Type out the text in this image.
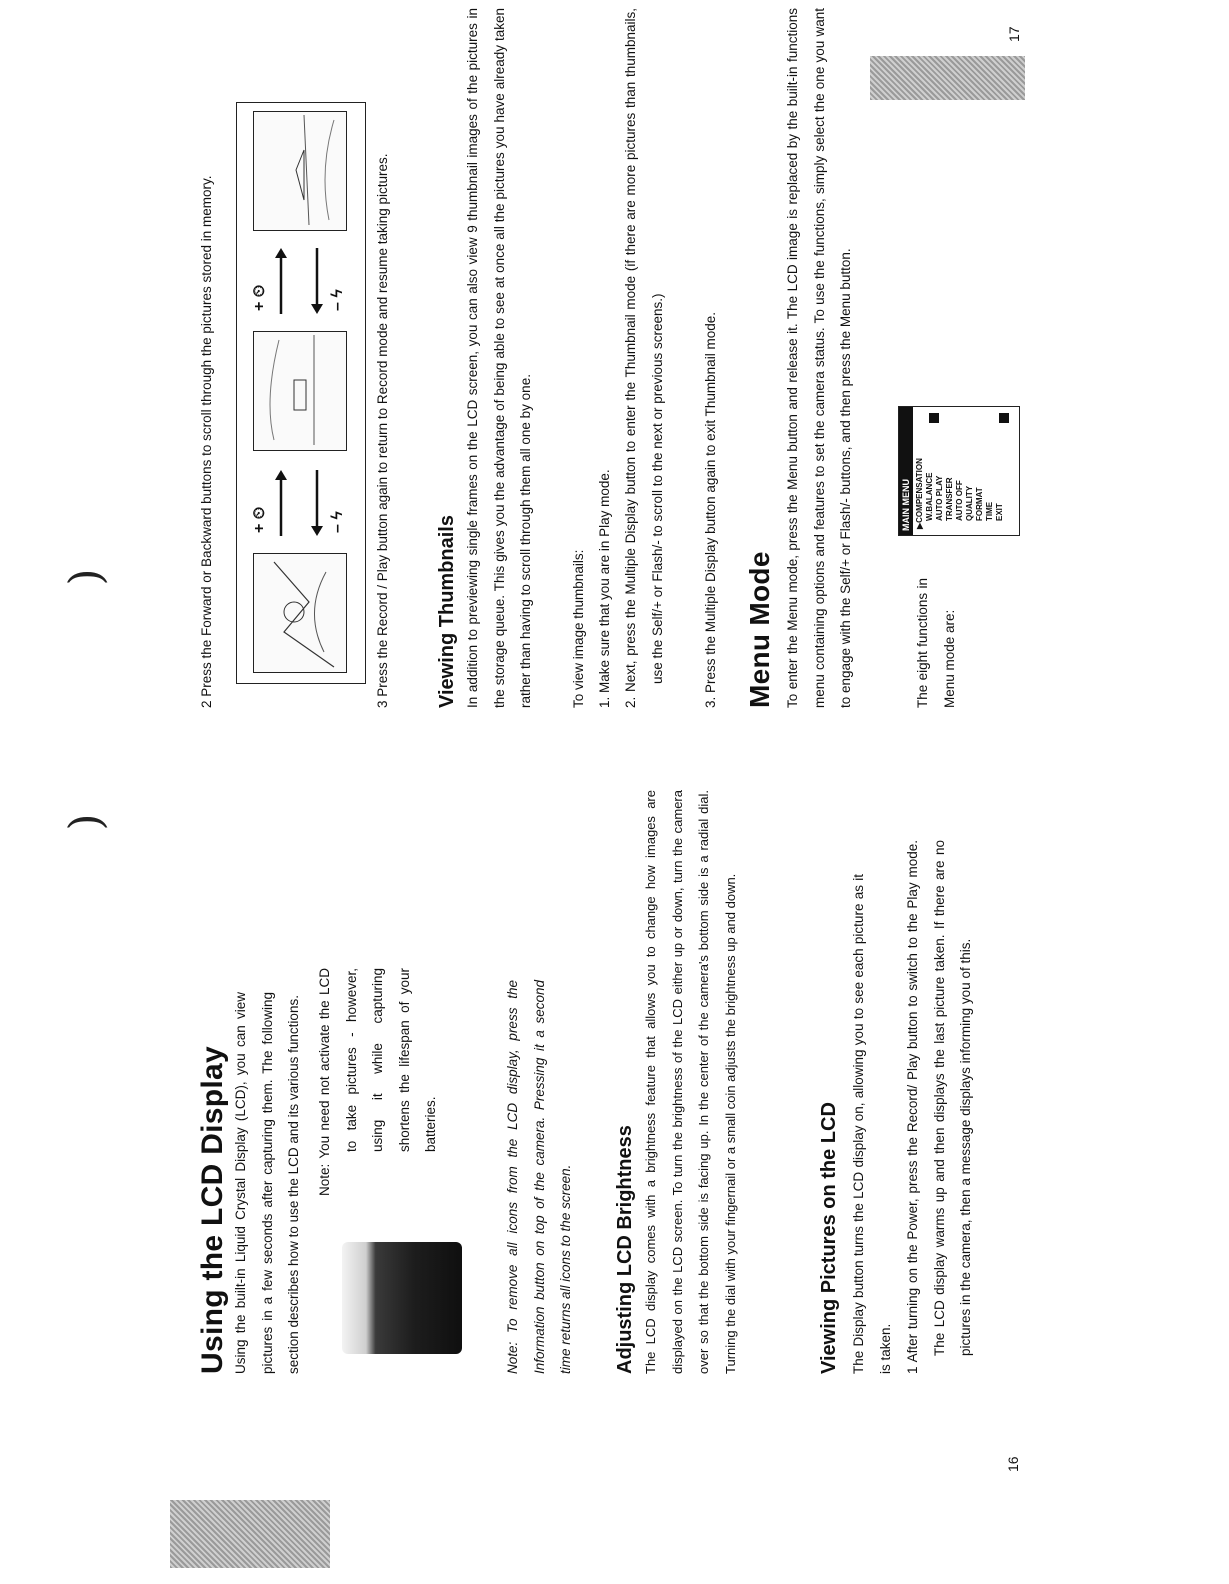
)
)
Using the LCD Display Using the built-in Liquid Crystal Display (LCD), you can view pictures in a few seconds after capturing them. The following section describes how to use the LCD and its various functions.	Note: You need not activate the LCD to take pictures - however, using it while capturing shortens the lifespan of your batteries.	Note: To remove all icons from the LCD display, press the Information button on top of the camera. Pressing it a second time returns all icons to the screen.	Adjusting LCD Brightness The LCD display comes with a brightness feature that allows you to change how images are displayed on the LCD screen. To turn the brightness of the LCD either up or down, turn the camera over so that the bottom side is facing up. In the center of the camera's bottom side is a radial dial. Turning the dial with your fingernail or a small coin adjusts the brightness up and down.	Viewing Pictures on the LCD The Display button turns the LCD display on, allowing you to see each picture as it is taken. 1 After turning on the Power, press the Record/ Play button to switch to the Play mode. The LCD display warms up and then displays the last picture taken. If there are no pictures in the camera, then a message displays informing you of this.

16

2 Press the Forward or Backward buttons to scroll through the pictures stored in memory.	+ ⏲	– ϟ
+ ⏲	– ϟ	3 Press the Record / Play button again to return to Record mode and resume taking pictures.	Viewing Thumbnails In addition to previewing single frames on the LCD screen, you can also view 9 thumbnail images of the pictures in the storage queue. This gives you the advantage of being able to see at once all the pictures you have already taken rather than having to scroll through them all one by one.	To view image thumbnails: 1. Make sure that you are in Play mode. 2. Next, press the Multiple Display button to enter the Thumbnail mode (if there are more pictures than thumbnails, use the Self/+ or Flash/- to scroll to the next or previous screens.)	3. Press the Multiple Display button again to exit Thumbnail mode. Menu Mode To enter the Menu mode, press the Menu button and release it. The LCD image is replaced by the built-in functions menu containing options and features to set the camera status. To use the functions, simply select the one you want to engage with the Self/+ or Flash/- buttons, and then press the Menu button.	The eight functions in Menu mode are:

MAIN MENU ▶COMPENSATION W.BALANCE AUTO PLAY TRANSFER AUTO OFF QUALITY FORMAT TIME EXIT
17
